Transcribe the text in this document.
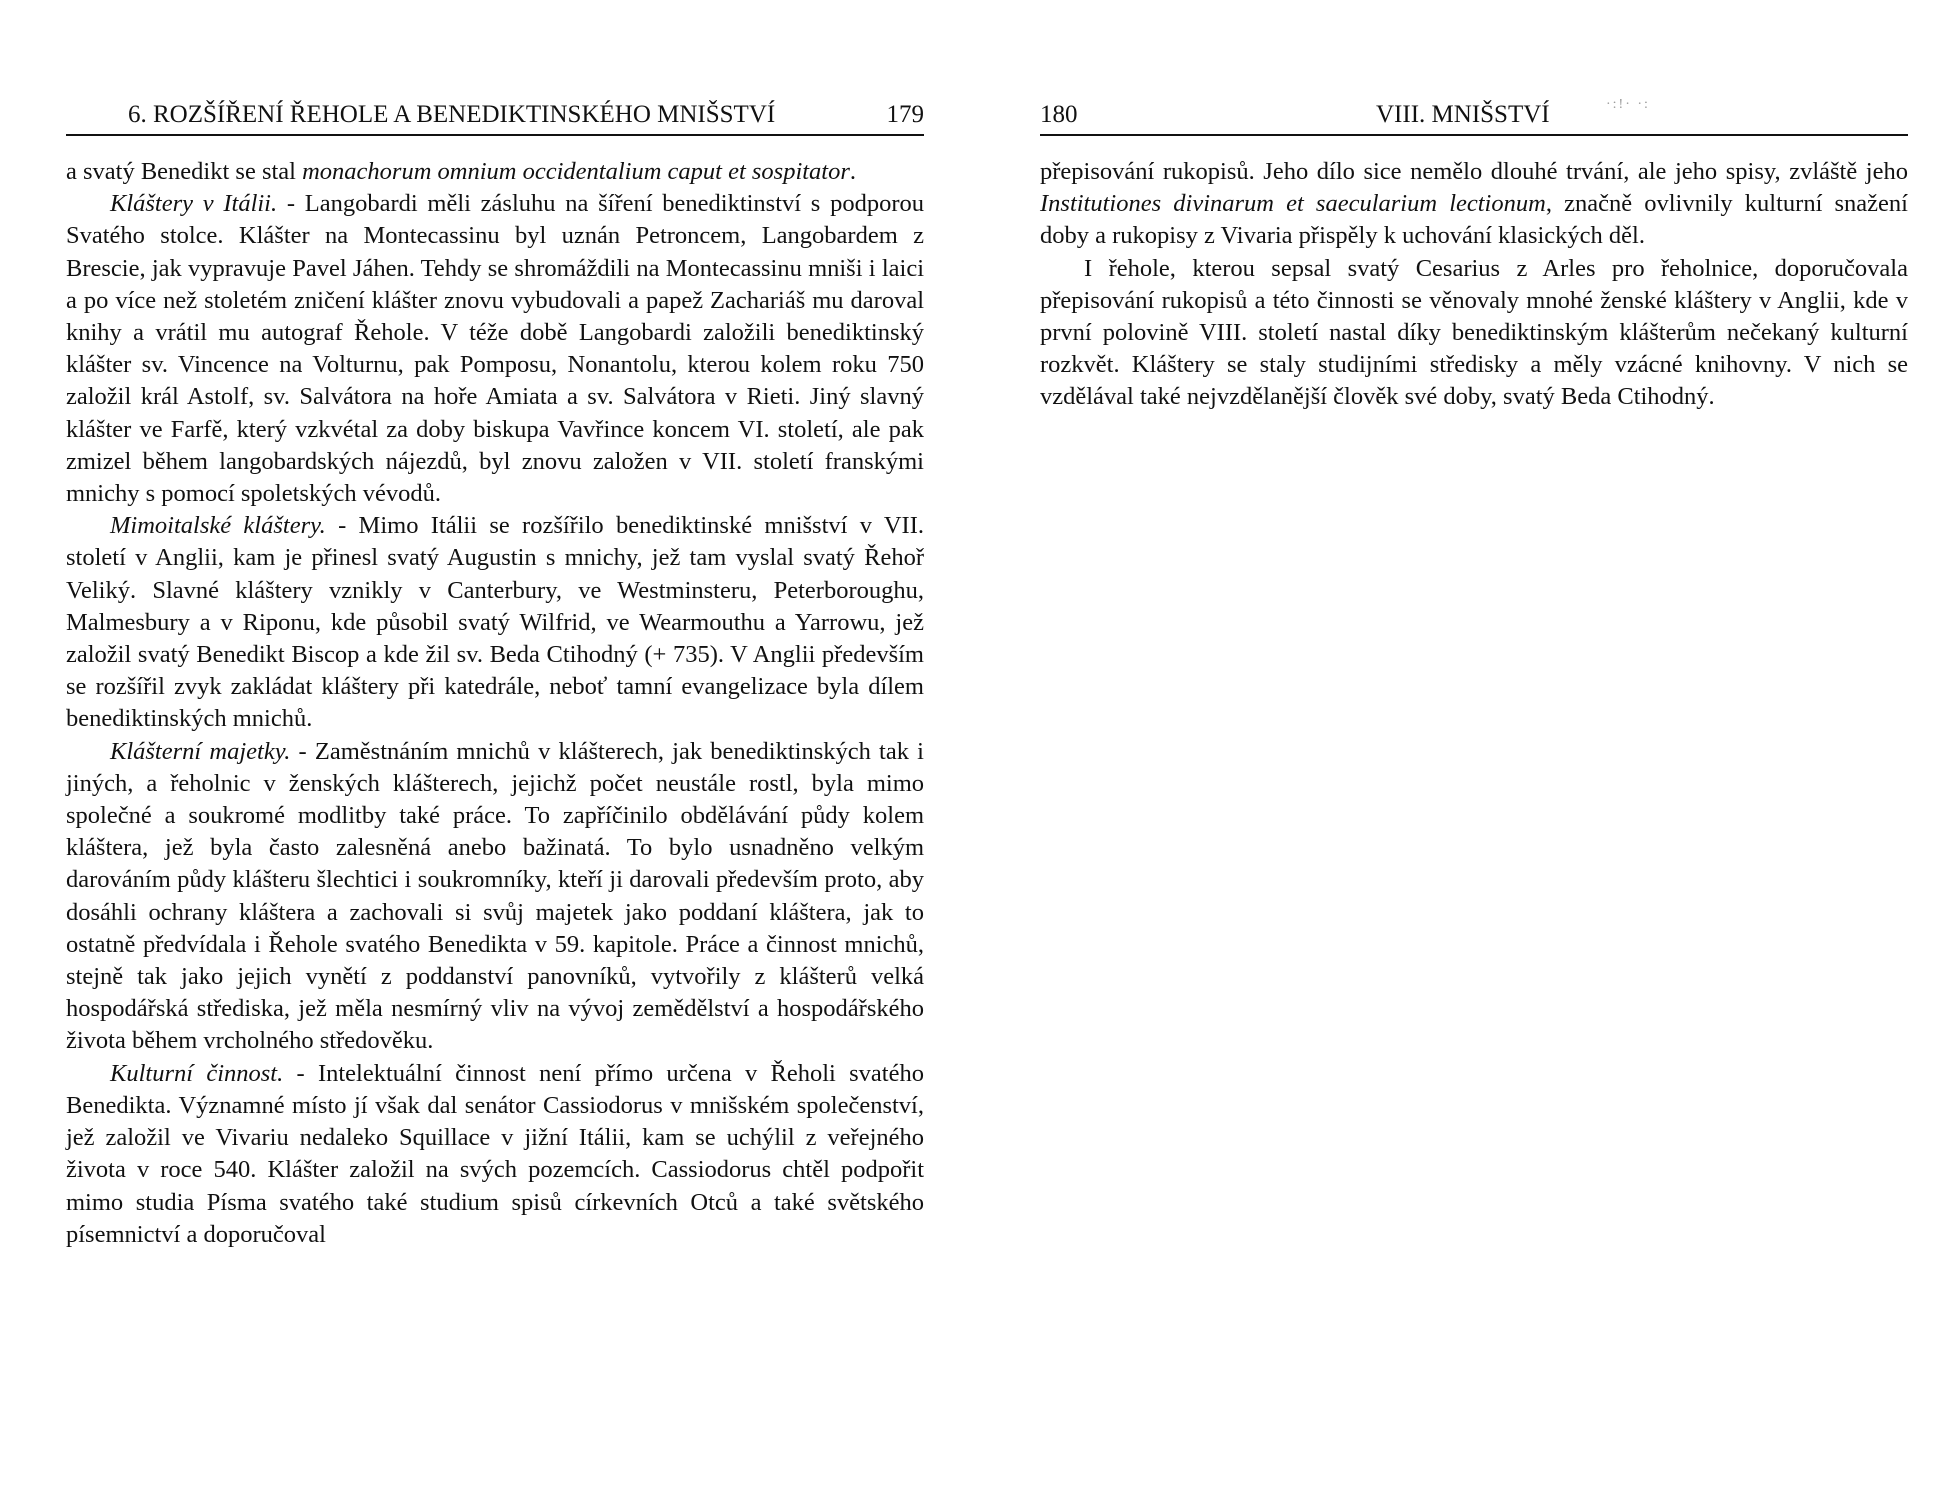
6. ROZŠÍŘENÍ ŘEHOLE A BENEDIKTINSKÉHO MNIŠSTVÍ	179

a svatý Benedikt se stal monachorum omnium occidentalium caput et sospitator.

Kláštery v Itálii. - Langobardi měli zásluhu na šíření benediktinství s podporou Svatého stolce. Klášter na Montecassinu byl uznán Petroncem, Langobardem z Brescie, jak vypravuje Pavel Jáhen. Tehdy se shromáždili na Montecassinu mniši i laici a po více než stoletém zničení klášter znovu vybudovali a papež Zachariáš mu daroval knihy a vrátil mu autograf Řehole. V téže době Langobardi založili benediktinský klášter sv. Vincence na Volturnu, pak Pomposu, Nonantolu, kterou kolem roku 750 založil král Astolf, sv. Salvátora na hoře Amiata a sv. Salvátora v Rieti. Jiný slavný klášter ve Farfě, který vzkvétal za doby biskupa Vavřince koncem VI. století, ale pak zmizel během langobardských nájezdů, byl znovu založen v VII. století franskými mnichy s pomocí spoletských vévodů.

Mimoitalské kláštery. - Mimo Itálii se rozšířilo benediktinské mnišství v VII. století v Anglii, kam je přinesl svatý Augustin s mnichy, jež tam vyslal svatý Řehoř Veliký. Slavné kláštery vznikly v Canterbury, ve Westminsteru, Peterboroughu, Malmesbury a v Riponu, kde působil svatý Wilfrid, ve Wearmouthu a Yarrowu, jež založil svatý Benedikt Biscop a kde žil sv. Beda Ctihodný (+ 735). V Anglii především se rozšířil zvyk zakládat kláštery při katedrále, neboť tamní evangelizace byla dílem benediktinských mnichů.

Klášterní majetky. - Zaměstnáním mnichů v klášterech, jak benediktinských tak i jiných, a řeholnic v ženských klášterech, jejichž počet neustále rostl, byla mimo společné a soukromé modlitby také práce. To zapříčinilo obdělávání půdy kolem kláštera, jež byla často zalesněná anebo bažinatá. To bylo usnadněno velkým darováním půdy klášteru šlechtici i soukromníky, kteří ji darovali především proto, aby dosáhli ochrany kláštera a zachovali si svůj majetek jako poddaní kláštera, jak to ostatně předvídala i Řehole svatého Benedikta v 59. kapitole. Práce a činnost mnichů, stejně tak jako jejich vynětí z poddanství panovníků, vytvořily z klášterů velká hospodářská střediska, jež měla nesmírný vliv na vývoj zemědělství a hospodářského života během vrcholného středověku.

Kulturní činnost. - Intelektuální činnost není přímo určena v Řeholi svatého Benedikta. Významné místo jí však dal senátor Cassiodorus v mnišském společenství, jež založil ve Vivariu nedaleko Squillace v jižní Itálii, kam se uchýlil z veřejného života v roce 540. Klášter založil na svých pozemcích. Cassiodorus chtěl podpořit mimo studia Písma svatého také studium spisů církevních Otců a také světského písemnictví a doporučoval

180	VIII. MNIŠSTVÍ	·:!· ·:

přepisování rukopisů. Jeho dílo sice nemělo dlouhé trvání, ale jeho spisy, zvláště jeho Institutiones divinarum et saecularium lectionum, značně ovlivnily kulturní snažení doby a rukopisy z Vivaria přispěly k uchování klasických děl.

I řehole, kterou sepsal svatý Cesarius z Arles pro řeholnice, doporučovala přepisování rukopisů a této činnosti se věnovaly mnohé ženské kláštery v Anglii, kde v první polovině VIII. století nastal díky benediktinským klášterům nečekaný kulturní rozkvět. Kláštery se staly studijními středisky a měly vzácné knihovny. V nich se vzdělával také nejvzdělanější člověk své doby, svatý Beda Ctihodný.
